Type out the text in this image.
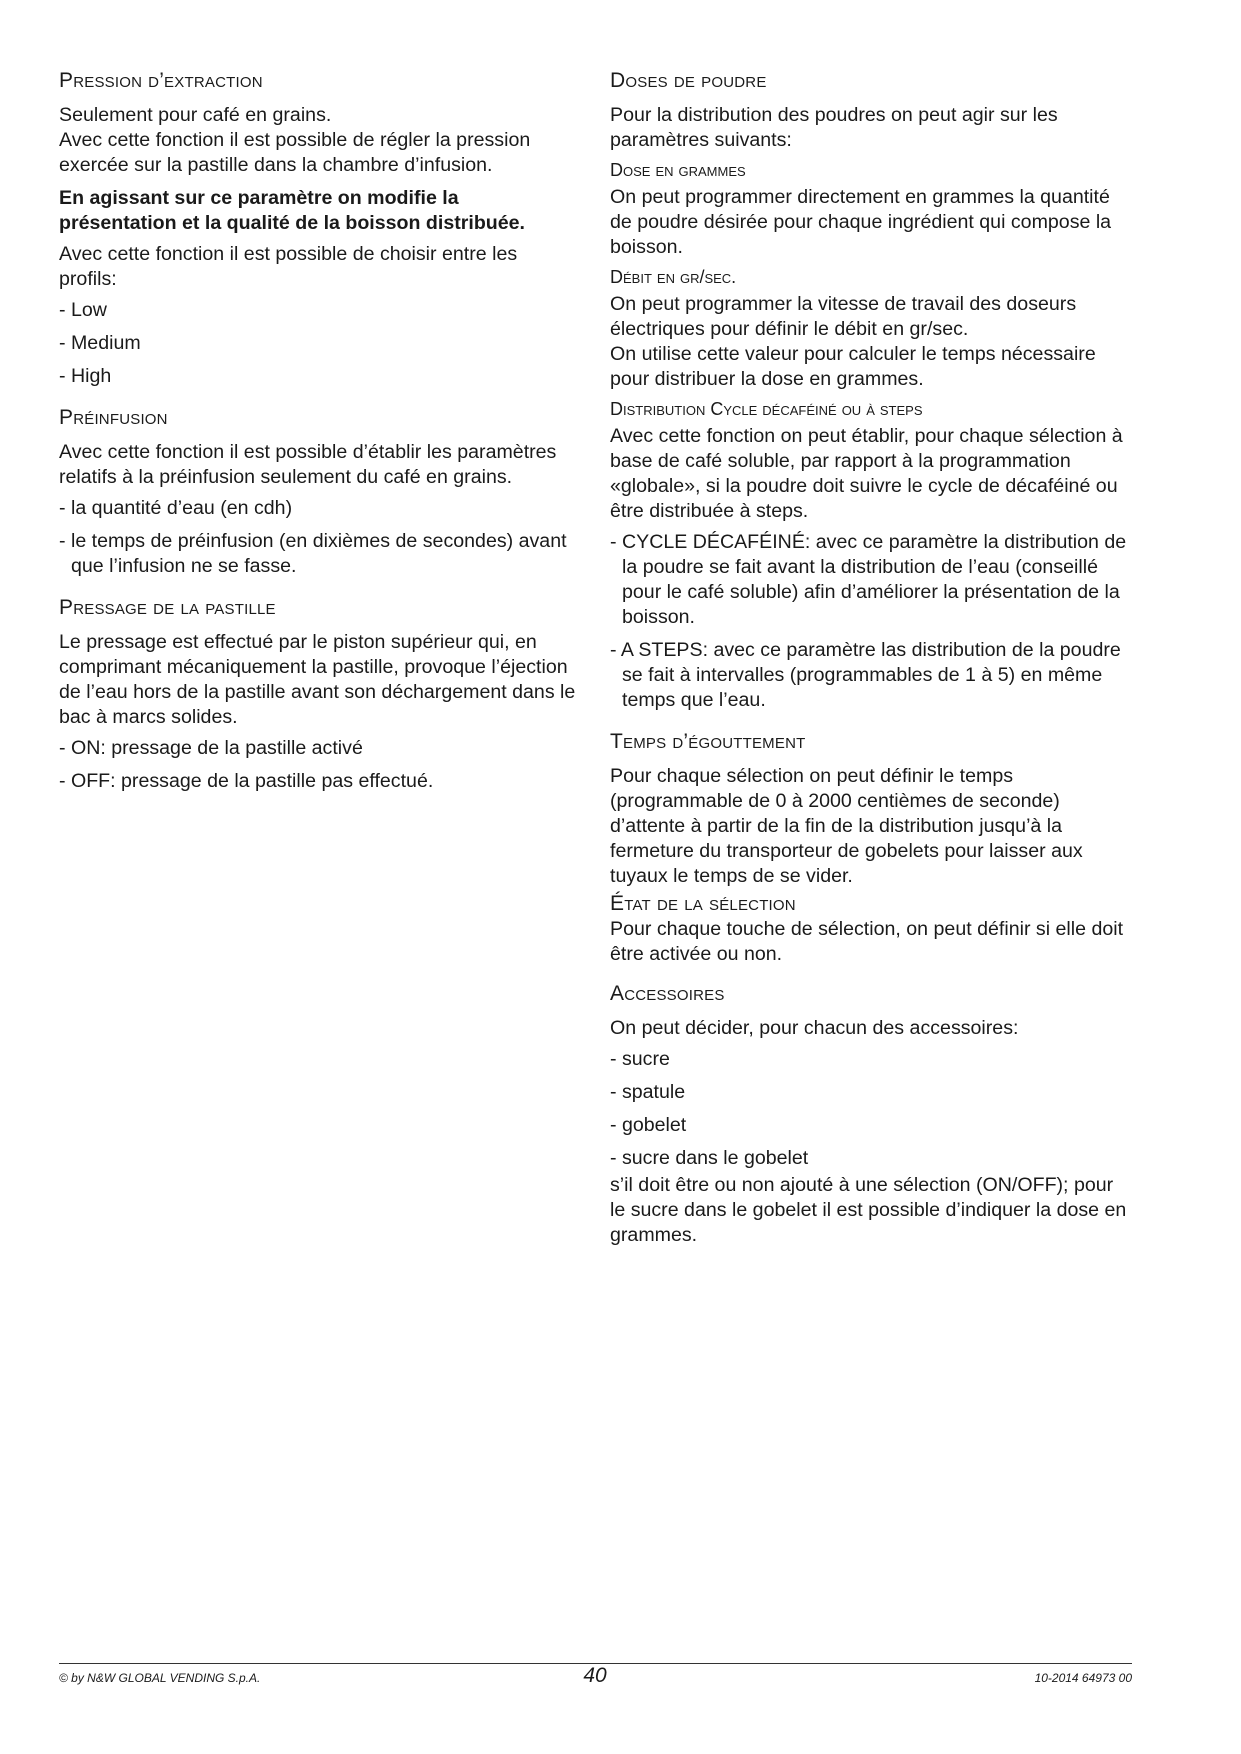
Pression d’extraction
Seulement pour café en grains.
Avec cette fonction il est possible de régler la pression exercée sur la pastille dans la chambre d’infusion.
En agissant sur ce paramètre on modifie la présentation et la qualité de la boisson distribuée.
Avec cette fonction il est possible de choisir entre les profils:
- Low
- Medium
- High
Préinfusion
Avec cette fonction il est possible d’établir les paramètres relatifs à la préinfusion seulement du café en grains.
- la quantité d’eau (en cdh)
- le temps de préinfusion (en dixièmes de secondes) avant que l’infusion ne se fasse.
Pressage de la pastille
Le pressage est effectué par le piston supérieur qui, en comprimant mécaniquement la pastille, provoque l’éjection de l’eau hors de la pastille avant son déchargement dans le bac à marcs solides.
- ON: pressage de la pastille activé
- OFF: pressage de la pastille pas effectué.
Doses de poudre
Pour la distribution des poudres on peut agir sur les paramètres suivants:
Dose en grammes
On peut programmer directement en grammes la quantité de poudre désirée pour chaque ingrédient qui compose la boisson.
Débit en gr/sec.
On peut programmer la vitesse de travail des doseurs électriques pour définir le débit en gr/sec.
On utilise cette valeur pour calculer le temps nécessaire pour distribuer la dose en grammes.
Distribution Cycle décaféiné ou à steps
Avec cette fonction on peut établir, pour chaque sélection à base de café soluble, par rapport à la programmation «globale», si la poudre doit suivre le cycle de décaféiné ou être distribuée à steps.
- CYCLE DÉCAFÉINÉ: avec ce paramètre la distribution de la poudre se fait avant la distribution de l’eau (conseillé pour le café soluble) afin d’améliorer la présentation de la boisson.
- A STEPS: avec ce paramètre las distribution de la poudre se fait à intervalles (programmables de 1 à 5) en même temps que l’eau.
Temps d’égouttement
Pour chaque sélection on peut définir le temps (programmable de 0 à 2000 centièmes de seconde) d’attente à partir de la fin de la distribution jusqu’à la fermeture du transporteur de gobelets pour laisser aux tuyaux le temps de se vider.
État de la sélection
Pour chaque touche de sélection, on peut définir si elle doit être activée ou non.
Accessoires
On peut décider, pour chacun des accessoires:
- sucre
- spatule
- gobelet
- sucre dans le gobelet
s’il doit être ou non ajouté à une sélection (ON/OFF); pour le sucre dans le gobelet il est possible d’indiquer la dose en grammes.
© by N&W GLOBAL VENDING S.p.A.	40	10-2014 64973 00
